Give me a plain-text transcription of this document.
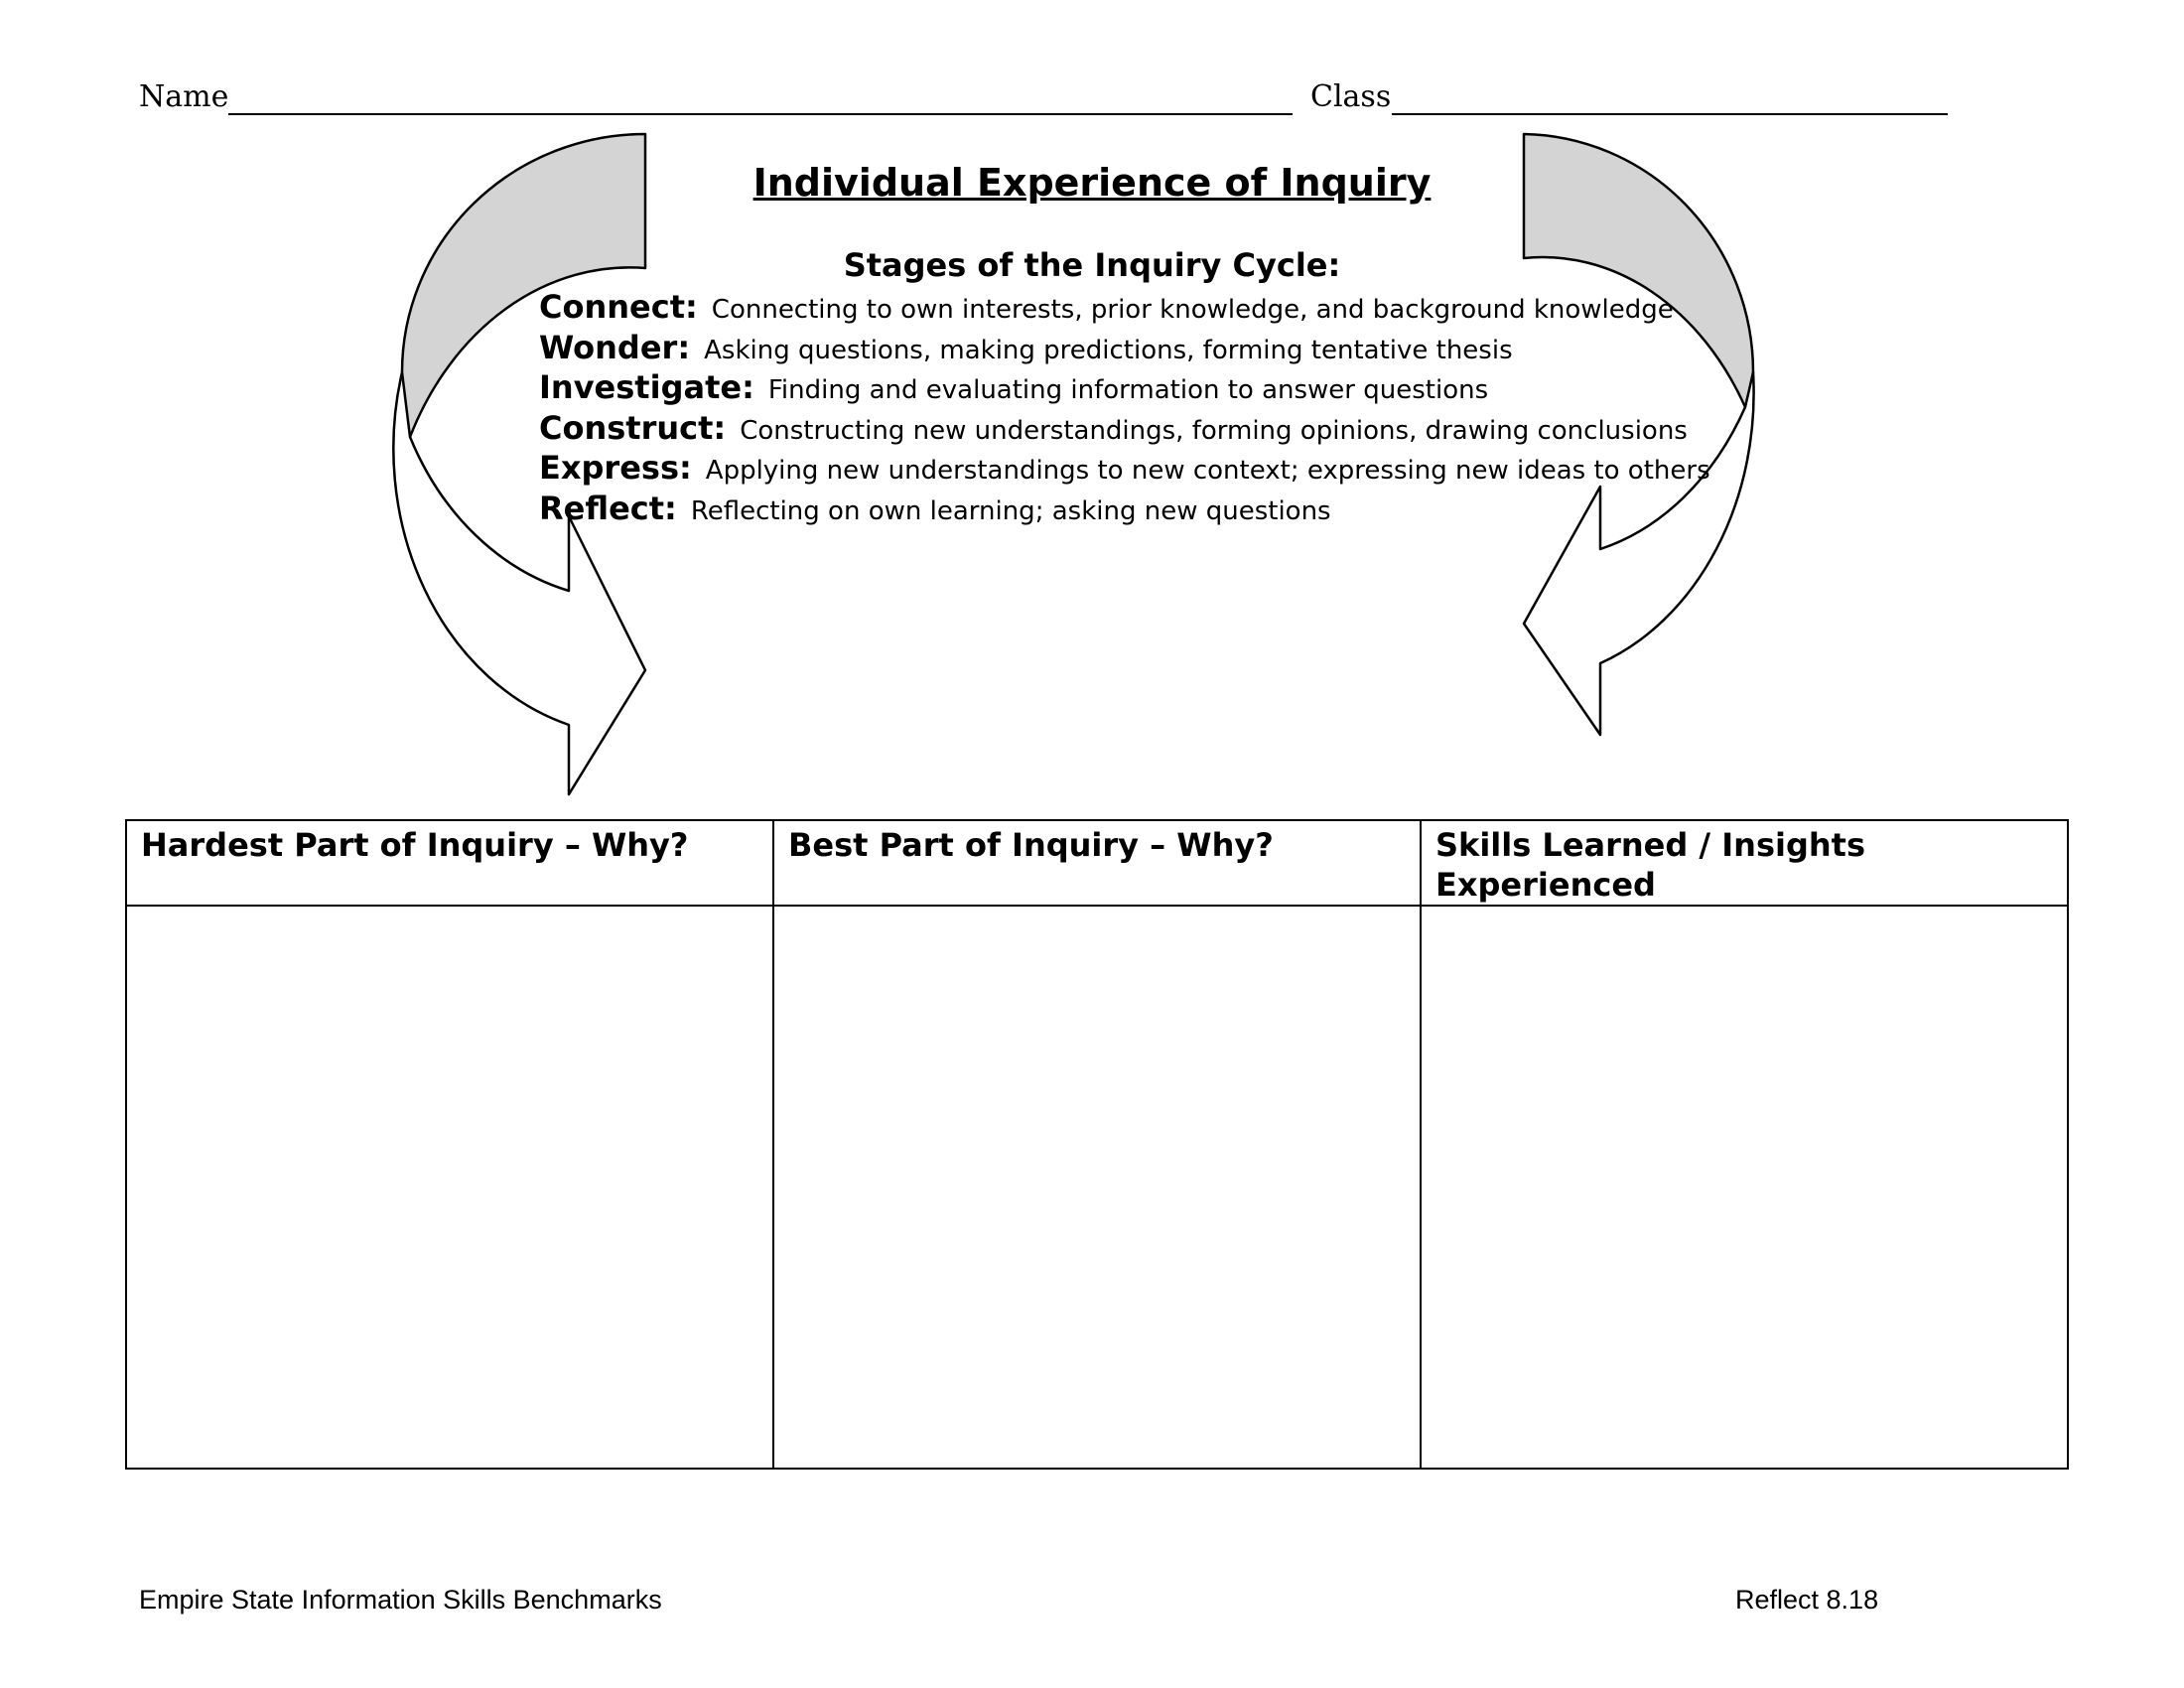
Name	Class
Individual Experience of Inquiry
Stages of the Inquiry Cycle:
Connect: Connecting to own interests, prior knowledge, and background knowledge
Wonder: Asking questions, making predictions, forming tentative thesis
Investigate: Finding and evaluating information to answer questions
Construct: Constructing new understandings, forming opinions, drawing conclusions
Express: Applying new understandings to new context; expressing new ideas to others
Reflect: Reflecting on own learning; asking new questions
Hardest Part of Inquiry – Why?	Best Part of Inquiry – Why?	Skills Learned / Insights Experienced

Empire State Information Skills Benchmarks	Reflect 8.18
